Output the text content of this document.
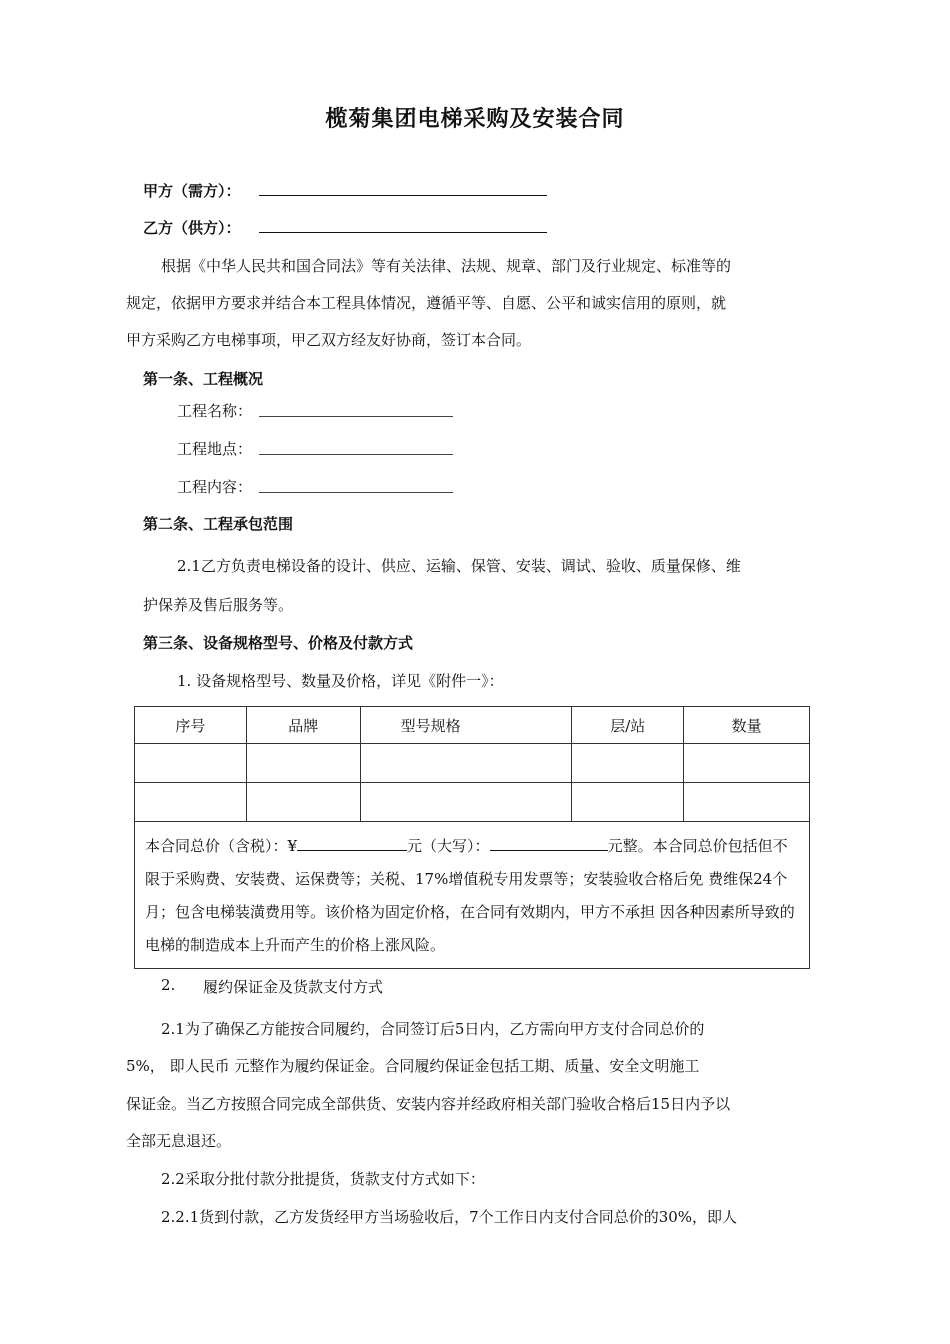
榄菊集团电梯采购及安装合同
甲方（需方）：
乙方（供方）：
根据《中华人民共和国合同法》等有关法律、法规、规章、部门及行业规定、标准等的
规定，依据甲方要求并结合本工程具体情况，遵循平等、自愿、公平和诚实信用的原则，就
甲方采购乙方电梯事项，甲乙双方经友好协商，签订本合同。
第一条、工程概况
工程名称：
工程地点：
工程内容：
第二条、工程承包范围
2.1乙方负责电梯设备的设计、供应、运输、保管、安装、调试、验收、质量保修、维
护保养及售后服务等。
第三条、设备规格型号、价格及付款方式
1. 设备规格型号、数量及价格，详见《附件一》：
序号	品牌	型号规格	层/站	数量

本合同总价（含税）：¥ 元（大写）： 元整。本合同总价包括但不限于采购费、安装费、运保费等；关税、17%增值税专用发票等；安装验收合格后免 费维保24个月；包含电梯装潢费用等。该价格为固定价格，在合同有效期内，甲方不承担 因各种因素所导致的电梯的制造成本上升而产生的价格上涨风险。				
2. 履约保证金及货款支付方式
2.1为了确保乙方能按合同履约，合同签订后5日内，乙方需向甲方支付合同总价的
5%， 即人民币 元整作为履约保证金。合同履约保证金包括工期、质量、安全文明施工
保证金。当乙方按照合同完成全部供货、安装内容并经政府相关部门验收合格后15日内予以
全部无息退还。
2.2采取分批付款分批提货，货款支付方式如下：
2.2.1货到付款，乙方发货经甲方当场验收后，7个工作日内支付合同总价的30%，即人
